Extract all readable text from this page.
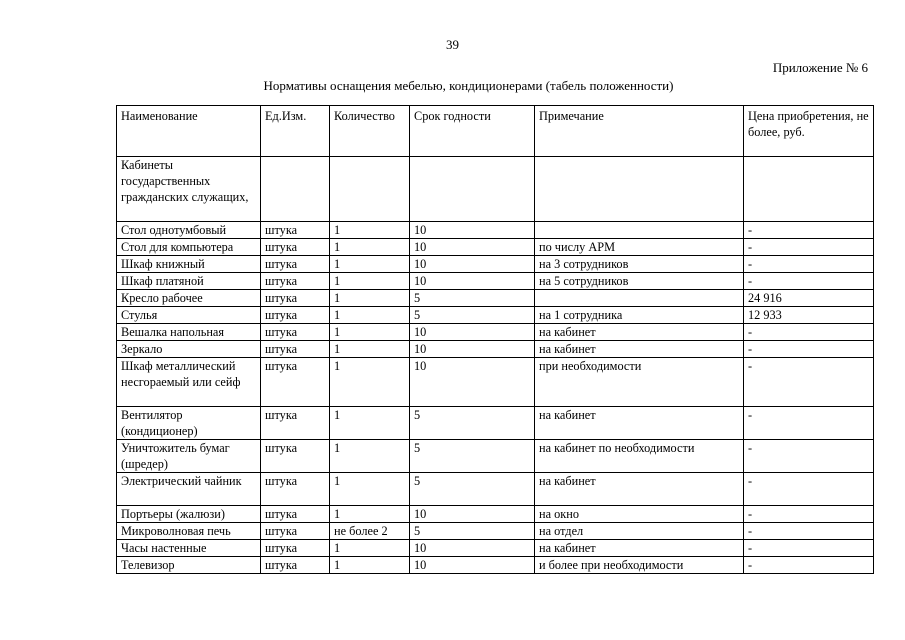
39
Приложение № 6
Нормативы оснащения мебелью, кондиционерами (табель положенности)
Наименование	Ед.Изм.	Количество	Срок годности	Примечание	Цена приобретения, не более, руб.
Кабинеты государственных гражданских служащих,					
Стол однотумбовый	штука	1	10		-
Стол для компьютера	штука	1	10	по числу АРМ	-
Шкаф книжный	штука	1	10	на 3 сотрудников	-
Шкаф платяной	штука	1	10	на 5 сотрудников	-
Кресло рабочее	штука	1	5		24 916
Стулья	штука	1	5	на 1 сотрудника	12 933
Вешалка напольная	штука	1	10	на кабинет	-
Зеркало	штука	1	10	на кабинет	-
Шкаф металлический несгораемый или сейф	штука	1	10	при необходимости	-
Вентилятор (кондиционер)	штука	1	5	на кабинет	-
Уничтожитель бумаг (шредер)	штука	1	5	на кабинет по необходимости	-
Электрический чайник	штука	1	5	на кабинет	-
Портьеры (жалюзи)	штука	1	10	на окно	-
Микроволновая печь	штука	не более 2	5	на отдел	-
Часы настенные	штука	1	10	на кабинет	-
Телевизор	штука	1	10	и более при необходимости	-
